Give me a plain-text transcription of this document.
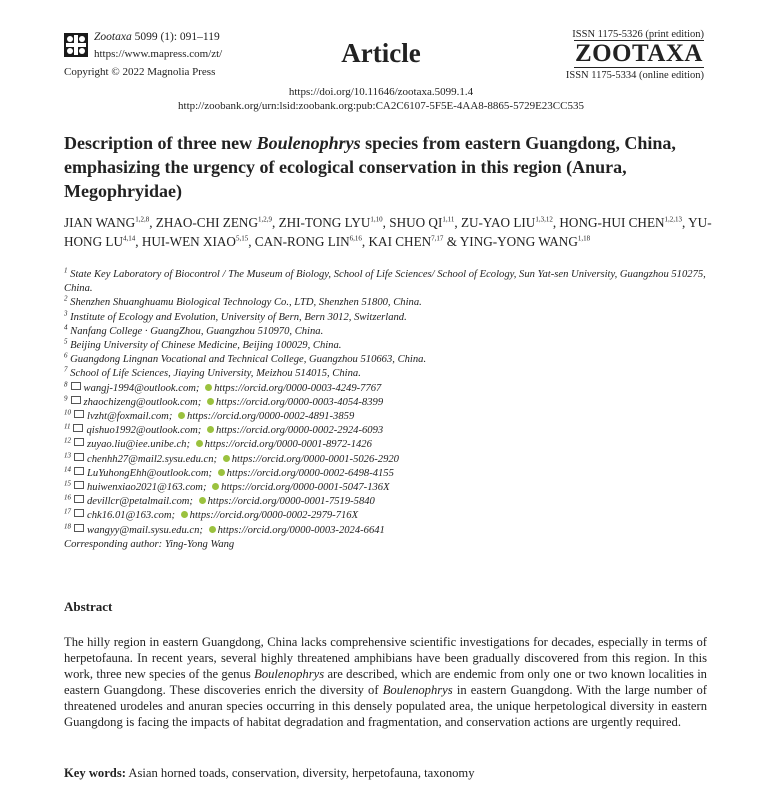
Zootaxa 5099 (1): 091–119
https://www.mapress.com/zt/
Copyright © 2022 Magnolia Press
Article
ISSN 1175-5326 (print edition)
ZOOTAXA
ISSN 1175-5334 (online edition)
https://doi.org/10.11646/zootaxa.5099.1.4
http://zoobank.org/urn:lsid:zoobank.org:pub:CA2C6107-5F5E-4AA8-8865-5729E23CC535
Description of three new Boulenophrys species from eastern Guangdong, China, emphasizing the urgency of ecological conservation in this region (Anura, Megophryidae)
JIAN WANG$^{1,2,8}$, ZHAO-CHI ZENG$^{1,2,9}$, ZHI-TONG LYU$^{1,10}$, SHUO QI$^{1,11}$, ZU-YAO LIU$^{1,3,12}$, HONG-HUI CHEN$^{1,2,13}$, YU-HONG LU$^{4,14}$, HUI-WEN XIAO$^{5,15}$, CAN-RONG LIN$^{6,16}$, KAI CHEN$^{7,17}$ & YING-YONG WANG$^{1,18}$
$^1$ State Key Laboratory of Biocontrol / The Museum of Biology, School of Life Sciences/ School of Ecology, Sun Yat-sen University, Guangzhou 510275, China.
$^2$ Shenzhen Shuanghuamu Biological Technology Co., LTD, Shenzhen 51800, China.
$^3$ Institute of Ecology and Evolution, University of Bern, Bern 3012, Switzerland.
$^4$ Nanfang College · GuangZhou, Guangzhou 510970, China.
$^5$ Beijing University of Chinese Medicine, Beijing 100029, China.
$^6$ Guangdong Lingnan Vocational and Technical College, Guangzhou 510663, China.
$^7$ School of Life Sciences, Jiaying University, Meizhou 514015, China.
$^8$ wangj-1994@outlook.com; https://orcid.org/0000-0003-4249-7767
$^9$ zhaochizeng@outlook.com; https://orcid.org/0000-0003-4054-8399
$^{10}$ lvzht@foxmail.com; https://orcid.org/0000-0002-4891-3859
$^{11}$ qishuo1992@outlook.com; https://orcid.org/0000-0002-2924-6093
$^{12}$ zuyao.liu@iee.unibe.ch; https://orcid.org/0000-0001-8972-1426
$^{13}$ chenhh27@mail2.sysu.edu.cn; https://orcid.org/0000-0001-5026-2920
$^{14}$ LuYuhongEhh@outlook.com; https://orcid.org/0000-0002-6498-4155
$^{15}$ huiwenxiao2021@163.com; https://orcid.org/0000-0001-5047-136X
$^{16}$ devillcr@petalmail.com; https://orcid.org/0000-0001-7519-5840
$^{17}$ chk16.01@163.com; https://orcid.org/0000-0002-2979-716X
$^{18}$ wangyy@mail.sysu.edu.cn; https://orcid.org/0000-0003-2024-6641
Corresponding author: Ying-Yong Wang
Abstract
The hilly region in eastern Guangdong, China lacks comprehensive scientific investigations for decades, especially in terms of herpetofauna. In recent years, several highly threatened amphibians have been gradually discovered from this region. In this work, three new species of the genus Boulenophrys are described, which are endemic from only one or two known localities in eastern Guangdong. These discoveries enrich the diversity of Boulenophrys in eastern Guangdong. With the large number of threatened urodeles and anuran species occurring in this densely populated area, the unique herpetological diversity in eastern Guangdong is facing the impacts of habitat degradation and fragmentation, and conservation actions are urgently required.
Key words: Asian horned toads, conservation, diversity, herpetofauna, taxonomy
